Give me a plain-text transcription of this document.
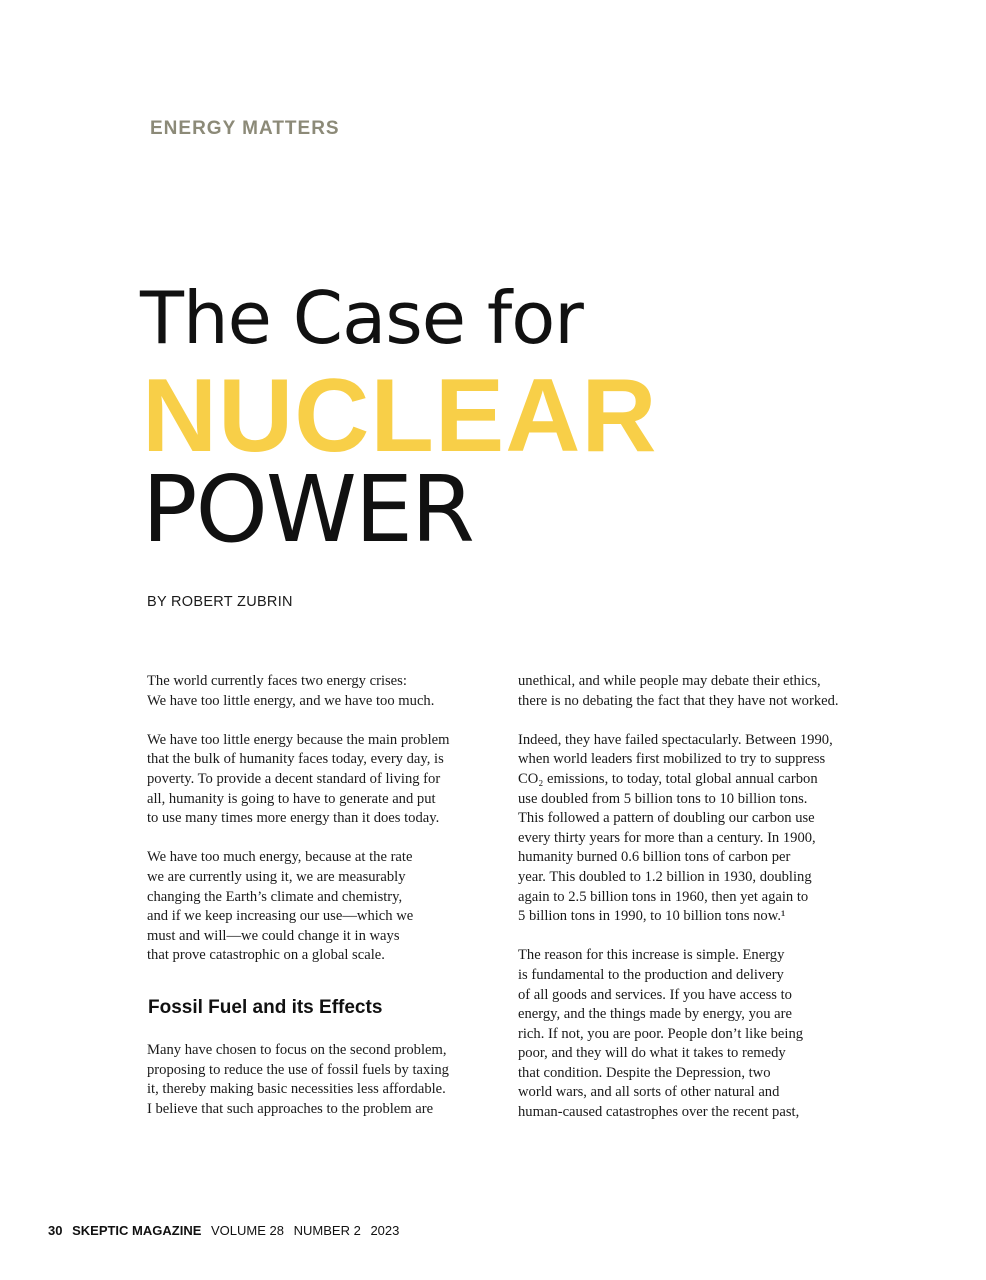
ENERGY MATTERS
The Case for
NUCLEAR
POWER
BY ROBERT ZUBRIN

The world currently faces two energy crises:
We have too little energy, and we have too much.

We have too little energy because the main problem
that the bulk of humanity faces today, every day, is
poverty. To provide a decent standard of living for
all, humanity is going to have to generate and put
to use many times more energy than it does today.

We have too much energy, because at the rate
we are currently using it, we are measurably
changing the Earth’s climate and chemistry,
and if we keep increasing our use—which we
must and will—we could change it in ways
that prove catastrophic on a global scale.

Fossil Fuel and its Effects

Many have chosen to focus on the second problem,
proposing to reduce the use of fossil fuels by taxing
it, thereby making basic necessities less affordable.
I believe that such approaches to the problem are

unethical, and while people may debate their ethics,
there is no debating the fact that they have not worked.

Indeed, they have failed spectacularly. Between 1990,
when world leaders first mobilized to try to suppress
CO₂ emissions, to today, total global annual carbon
use doubled from 5 billion tons to 10 billion tons.
This followed a pattern of doubling our carbon use
every thirty years for more than a century. In 1900,
humanity burned 0.6 billion tons of carbon per
year. This doubled to 1.2 billion in 1930, doubling
again to 2.5 billion tons in 1960, then yet again to
5 billion tons in 1990, to 10 billion tons now.¹

The reason for this increase is simple. Energy
is fundamental to the production and delivery
of all goods and services. If you have access to
energy, and the things made by energy, you are
rich. If not, you are poor. People don’t like being
poor, and they will do what it takes to remedy
that condition. Despite the Depression, two
world wars, and all sorts of other natural and
human-caused catastrophes over the recent past,

30 SKEPTIC MAGAZINE VOLUME 28 NUMBER 2 2023
